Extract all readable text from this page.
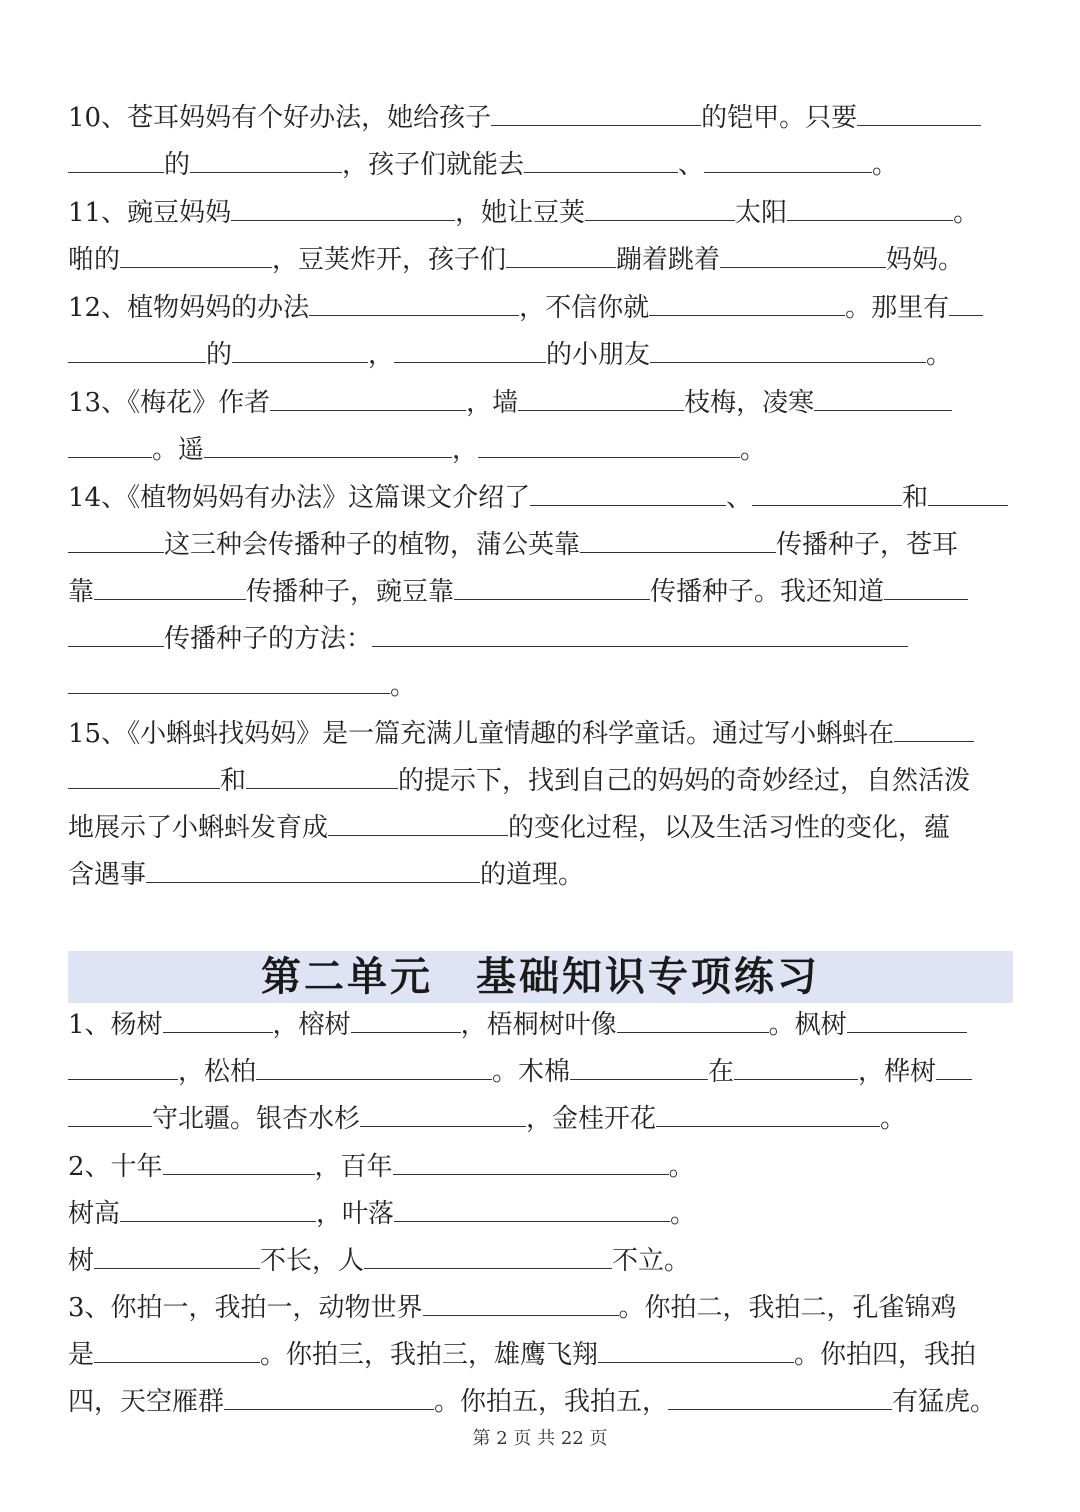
10、苍耳妈妈有个好办法，她给孩子	的铠甲。只要
的	，孩子们就能去	、	。
11、豌豆妈妈	，她让豆荚	太阳	。
啪的	，豆荚炸开，孩子们	蹦着跳着	妈妈。
12、植物妈妈的办法	，不信你就	。那里有
的	，	的小朋友	。
13、《梅花》作者	，墙	枝梅，凌寒
。遥	，	。
14、《植物妈妈有办法》这篇课文介绍了	、	和
这三种会传播种子的植物，蒲公英靠	传播种子，苍耳
靠	传播种子，豌豆靠	传播种子。我还知道
传播种子的方法：
。
15、《小蝌蚪找妈妈》是一篇充满儿童情趣的科学童话。通过写小蝌蚪在
和	的提示下，找到自己的妈妈的奇妙经过，自然活泼
地展示了小蝌蚪发育成	的变化过程，以及生活习性的变化，蕴
含遇事	的道理。
第二单元　基础知识专项练习
1、杨树	，榕树	，梧桐树叶像	。枫树
，松柏	。木棉	在	，桦树
守北疆。银杏水杉	，金桂开花	。
2、十年	，百年	。
树高	，叶落	。
树	不长，人	不立。
3、你拍一，我拍一，动物世界	。你拍二，我拍二，孔雀锦鸡
是	。你拍三，我拍三，雄鹰飞翔	。你拍四，我拍
四，天空雁群	。你拍五，我拍五，	有猛虎。
第 2 页 共 22 页
